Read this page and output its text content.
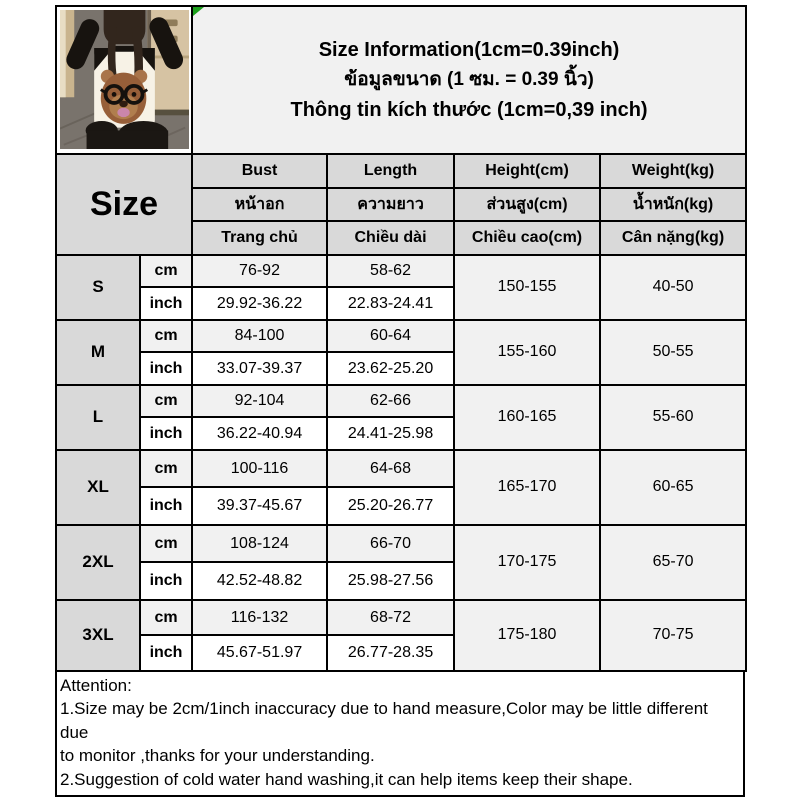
Size Information(1cm=0.39inch)
ข้อมูลขนาด (1 ซม. = 0.39 นิ้ว)
Thông tin kích thước (1cm=0,39 inch)			

Size		Bust	Length	Height(cm)	Weight(kg)
		หน้าอก	ความยาว	ส่วนสูง(cm)	น้ำหนัก(kg)
		Trang chủ	Chiều dài	Chiều cao(cm)	Cân nặng(kg)
S	cm	76-92	58-62	150-155	40-50
	inch	29.92-36.22	22.83-24.41		
M	cm	84-100	60-64	155-160	50-55
	inch	33.07-39.37	23.62-25.20		
L	cm	92-104	62-66	160-165	55-60
	inch	36.22-40.94	24.41-25.98		
XL	cm	100-116	64-68	165-170	60-65
	inch	39.37-45.67	25.20-26.77		
2XL	cm	108-124	66-70	170-175	65-70
	inch	42.52-48.82	25.98-27.56		
3XL	cm	116-132	68-72	175-180	70-75
	inch	45.67-51.97	26.77-28.35		
Attention:
1.Size may be 2cm/1inch inaccuracy due to hand measure,Color may be little different due
to monitor ,thanks for your understanding.
2.Suggestion of cold water hand washing,it can help items keep their shape.
